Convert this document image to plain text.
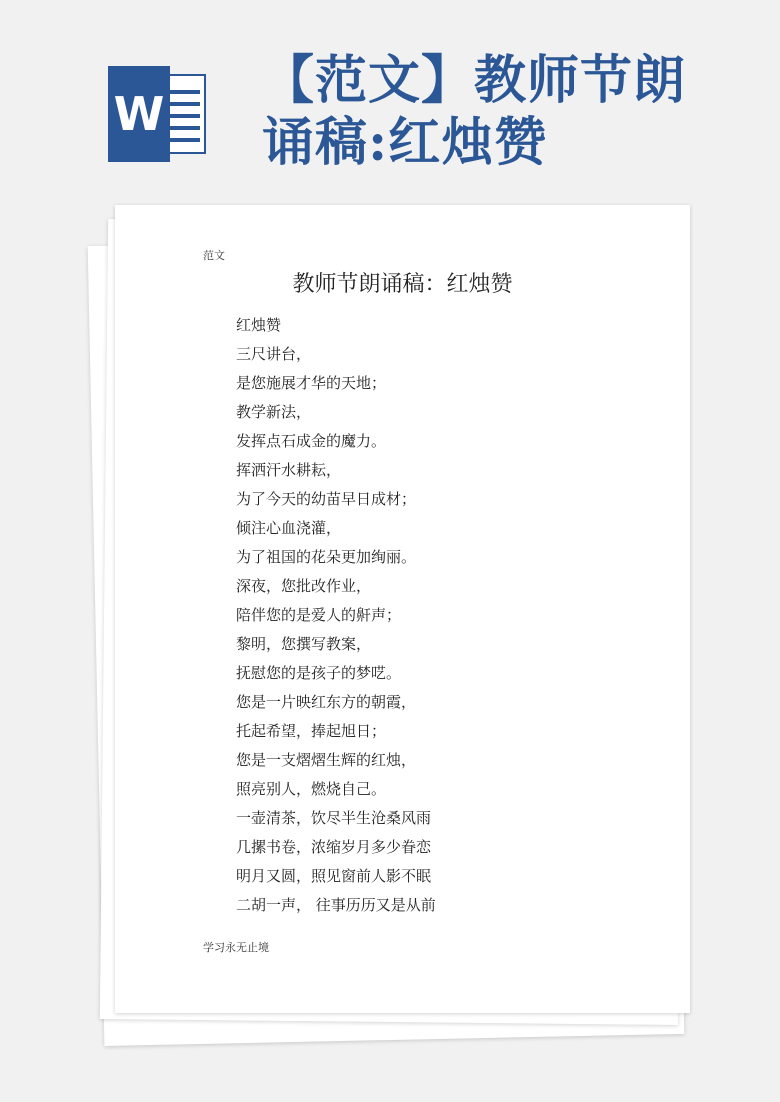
W
【范文】教师节朗
诵稿:红烛赞
范文
教师节朗诵稿：红烛赞
红烛赞
三尺讲台，
是您施展才华的天地；
教学新法，
发挥点石成金的魔力。
挥洒汗水耕耘，
为了今天的幼苗早日成材；
倾注心血浇灌，
为了祖国的花朵更加绚丽。
深夜，您批改作业，
陪伴您的是爱人的鼾声；
黎明，您撰写教案，
抚慰您的是孩子的梦呓。
您是一片映红东方的朝霞，
托起希望，捧起旭日；
您是一支熠熠生辉的红烛，
照亮别人，燃烧自己。
一壶清茶，饮尽半生沧桑风雨
几摞书卷，浓缩岁月多少眷恋
明月又圆，照见窗前人影不眠
二胡一声， 往事历历又是从前
学习永无止境
